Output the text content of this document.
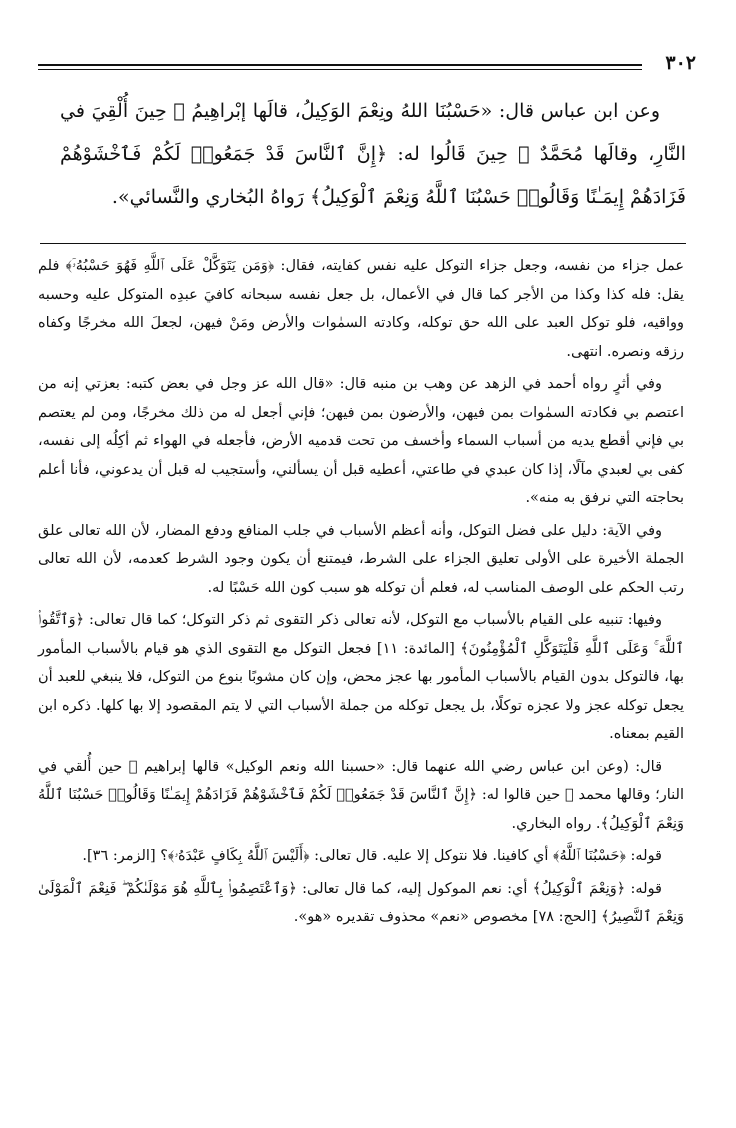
٣٠٢

وعن ابن عباس قال: «حَسْبُنَا اللهُ ونِعْمَ الوَكِيلُ، قالَها إبْراهِيمُ ﷺ حِينَ أُلْقِيَ في النَّارِ، وقالَها مُحَمَّدٌ ﷺ حِينَ قَالُوا له: ﴿إِنَّ ٱلنَّاسَ قَدْ جَمَعُوا۟ لَكُمْ فَٱخْشَوْهُمْ فَزَادَهُمْ إِيمَـٰنًا وَقَالُوا۟ حَسْبُنَا ٱللَّهُ وَنِعْمَ ٱلْوَكِيلُ﴾ رَواهُ البُخاري والنَّسائي».

عمل جزاء من نفسه، وجعل جزاء التوكل عليه نفس كفايته، فقال: ﴿وَمَن يَتَوَكَّلْ عَلَى ٱللَّهِ فَهُوَ حَسْبُهُۥٓ﴾ فلم يقل: فله كذا وكذا من الأجر كما قال في الأعمال، بل جعل نفسه سبحانه كافيَ عبدِه المتوكل عليه وحسبه وواقيه، فلو توكل العبد على الله حق توكله، وكادته السمٰوات والأرض ومَنْ فيهن، لجعلَ الله مخرجًا وكفاه رزقه ونصره. انتهى.

وفي أثرٍ رواه أحمد في الزهد عن وهب بن منبه قال: «قال الله عز وجل في بعض كتبه: بعزتي إنه من اعتصم بي فكادته السمٰوات بمن فيهن، والأرضون بمن فيهن؛ فإني أجعل له من ذلك مخرجًا، ومن لم يعتصم بي فإني أقطع يديه من أسباب السماء وأخسف من تحت قدميه الأرض، فأجعله في الهواء ثم أكِلُه إلى نفسه، كفى بي لعبدي مآلًا، إذا كان عبدي في طاعتي، أعطيه قبل أن يسألني، وأستجيب له قبل أن يدعوني، فأنا أعلم بحاجته التي نرفق به منه».

وفي الآية: دليل على فضل التوكل، وأنه أعظم الأسباب في جلب المنافع ودفع المضار، لأن الله تعالى علق الجملة الأخيرة على الأولى تعليق الجزاء على الشرط، فيمتنع أن يكون وجود الشرط كعدمه، لأن الله تعالى رتب الحكم على الوصف المناسب له، فعلم أن توكله هو سبب كون الله حَسْبًا له.

وفيها: تنبيه على القيام بالأسباب مع التوكل، لأنه تعالى ذكر التقوى ثم ذكر التوكل؛ كما قال تعالى: ﴿وَٱتَّقُوا۟ ٱللَّهَ ۚ وَعَلَى ٱللَّهِ فَلْيَتَوَكَّلِ ٱلْمُؤْمِنُونَ﴾ [المائدة: ١١] فجعل التوكل مع التقوى الذي هو قيام بالأسباب المأمور بها، فالتوكل بدون القيام بالأسباب المأمور بها عجز محض، وإن كان مشوبًا بنوع من التوكل، فلا ينبغي للعبد أن يجعل توكله عجز ولا عجزه توكلًا، بل يجعل توكله من جملة الأسباب التي لا يتم المقصود إلا بها كلها. ذكره ابن القيم بمعناه.

قال: (وعن ابن عباس رضي الله عنهما قال: «حسبنا الله ونعم الوكيل» قالها إبراهيم ﷺ حين أُلقي في النار؛ وقالها محمد ﷺ حين قالوا له: ﴿إِنَّ ٱلنَّاسَ قَدْ جَمَعُوا۟ لَكُمْ فَٱخْشَوْهُمْ فَزَادَهُمْ إِيمَـٰنًا وَقَالُوا۟ حَسْبُنَا ٱللَّهُ وَنِعْمَ ٱلْوَكِيلُ﴾. رواه البخاري.

قوله: ﴿حَسْبُنَا ٱللَّهُ﴾ أي كافينا. فلا نتوكل إلا عليه. قال تعالى: ﴿أَلَيْسَ ٱللَّهُ بِكَافٍ عَبْدَهُۥ﴾؟ [الزمر: ٣٦].

قوله: ﴿وَنِعْمَ ٱلْوَكِيلُ﴾ أي: نعم الموكول إليه، كما قال تعالى: ﴿وَٱعْتَصِمُوا۟ بِٱللَّهِ هُوَ مَوْلَىٰكُمْ ۖ فَنِعْمَ ٱلْمَوْلَىٰ وَنِعْمَ ٱلنَّصِيرُ﴾ [الحج: ٧٨] مخصوص «نعم» محذوف تقديره «هو».
